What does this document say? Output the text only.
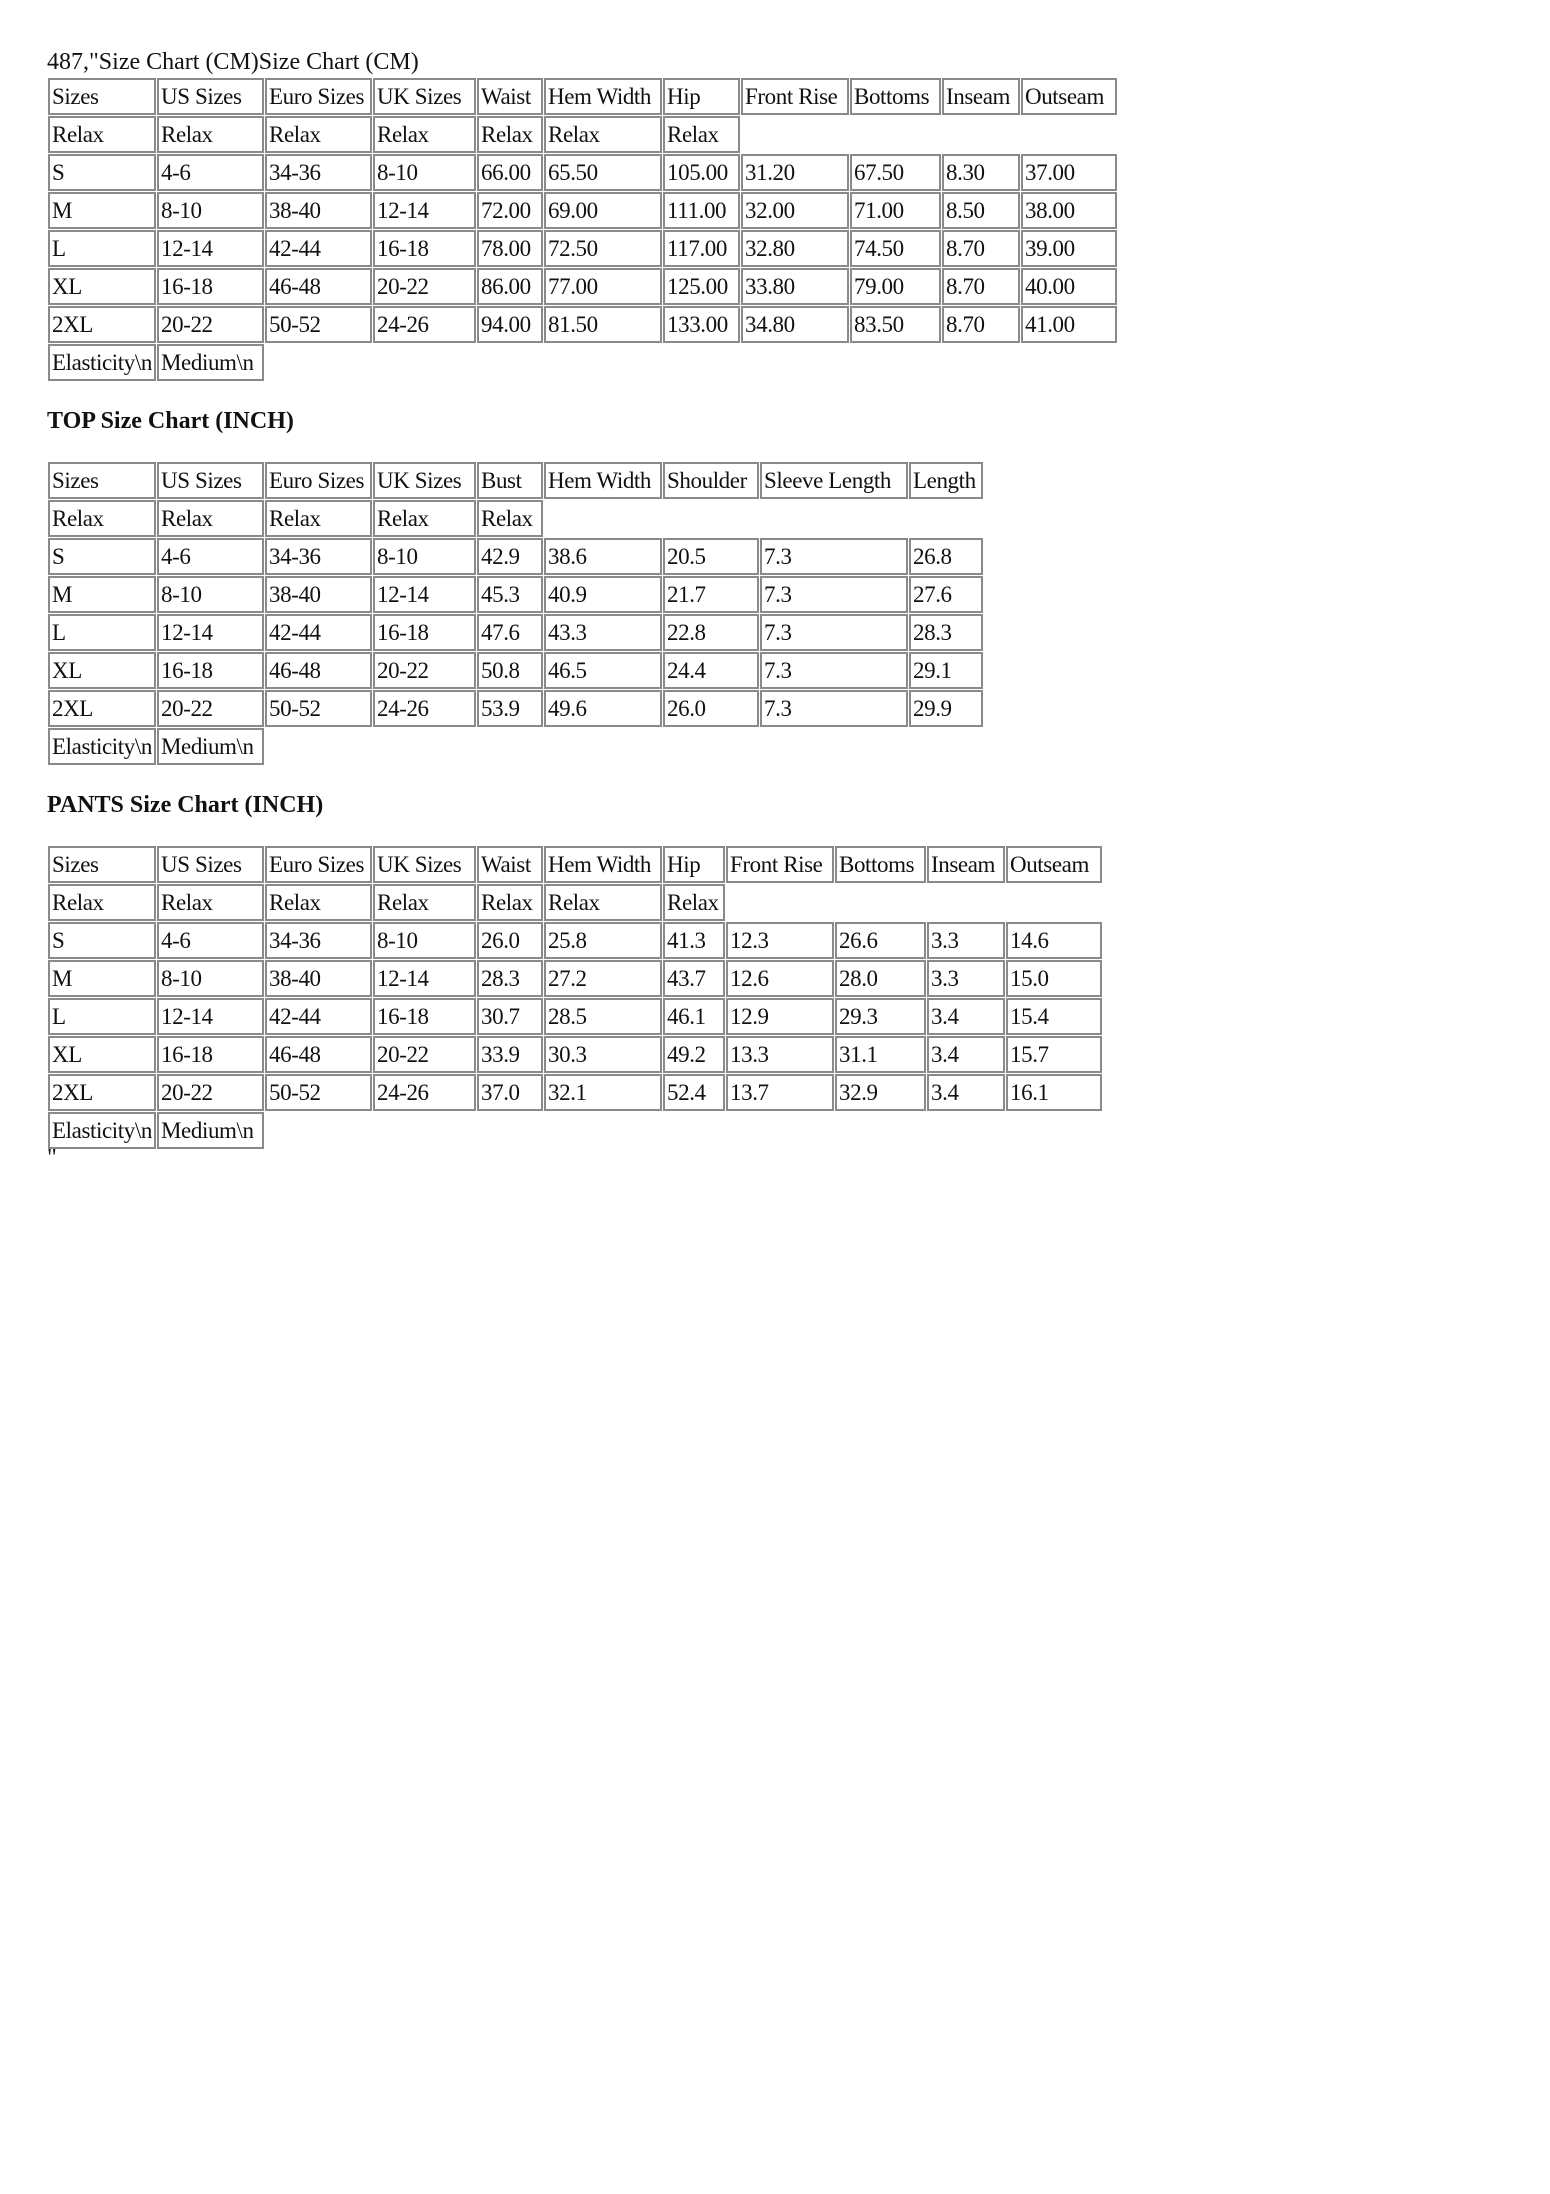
487,"Size Chart (CM)Size Chart (CM)
Sizes	US Sizes	Euro Sizes	UK Sizes	Waist	Hem Width	Hip	Front Rise	Bottoms	Inseam	Outseam
Relax	Relax	Relax	Relax	Relax	Relax	Relax				
S	4-6	34-36	8-10	66.00	65.50	105.00	31.20	67.50	8.30	37.00
M	8-10	38-40	12-14	72.00	69.00	111.00	32.00	71.00	8.50	38.00
L	12-14	42-44	16-18	78.00	72.50	117.00	32.80	74.50	8.70	39.00
XL	16-18	46-48	20-22	86.00	77.00	125.00	33.80	79.00	8.70	40.00
2XL	20-22	50-52	24-26	94.00	81.50	133.00	34.80	83.50	8.70	41.00
Elasticity\n	Medium\n									
TOP Size Chart (INCH)
Sizes	US Sizes	Euro Sizes	UK Sizes	Bust	Hem Width	Shoulder	Sleeve Length	Length
Relax	Relax	Relax	Relax	Relax				
S	4-6	34-36	8-10	42.9	38.6	20.5	7.3	26.8
M	8-10	38-40	12-14	45.3	40.9	21.7	7.3	27.6
L	12-14	42-44	16-18	47.6	43.3	22.8	7.3	28.3
XL	16-18	46-48	20-22	50.8	46.5	24.4	7.3	29.1
2XL	20-22	50-52	24-26	53.9	49.6	26.0	7.3	29.9
Elasticity\n	Medium\n							
PANTS Size Chart (INCH)
Sizes	US Sizes	Euro Sizes	UK Sizes	Waist	Hem Width	Hip	Front Rise	Bottoms	Inseam	Outseam
Relax	Relax	Relax	Relax	Relax	Relax	Relax				
S	4-6	34-36	8-10	26.0	25.8	41.3	12.3	26.6	3.3	14.6
M	8-10	38-40	12-14	28.3	27.2	43.7	12.6	28.0	3.3	15.0
L	12-14	42-44	16-18	30.7	28.5	46.1	12.9	29.3	3.4	15.4
XL	16-18	46-48	20-22	33.9	30.3	49.2	13.3	31.1	3.4	15.7
2XL	20-22	50-52	24-26	37.0	32.1	52.4	13.7	32.9	3.4	16.1
Elasticity\n	Medium\n									
"
